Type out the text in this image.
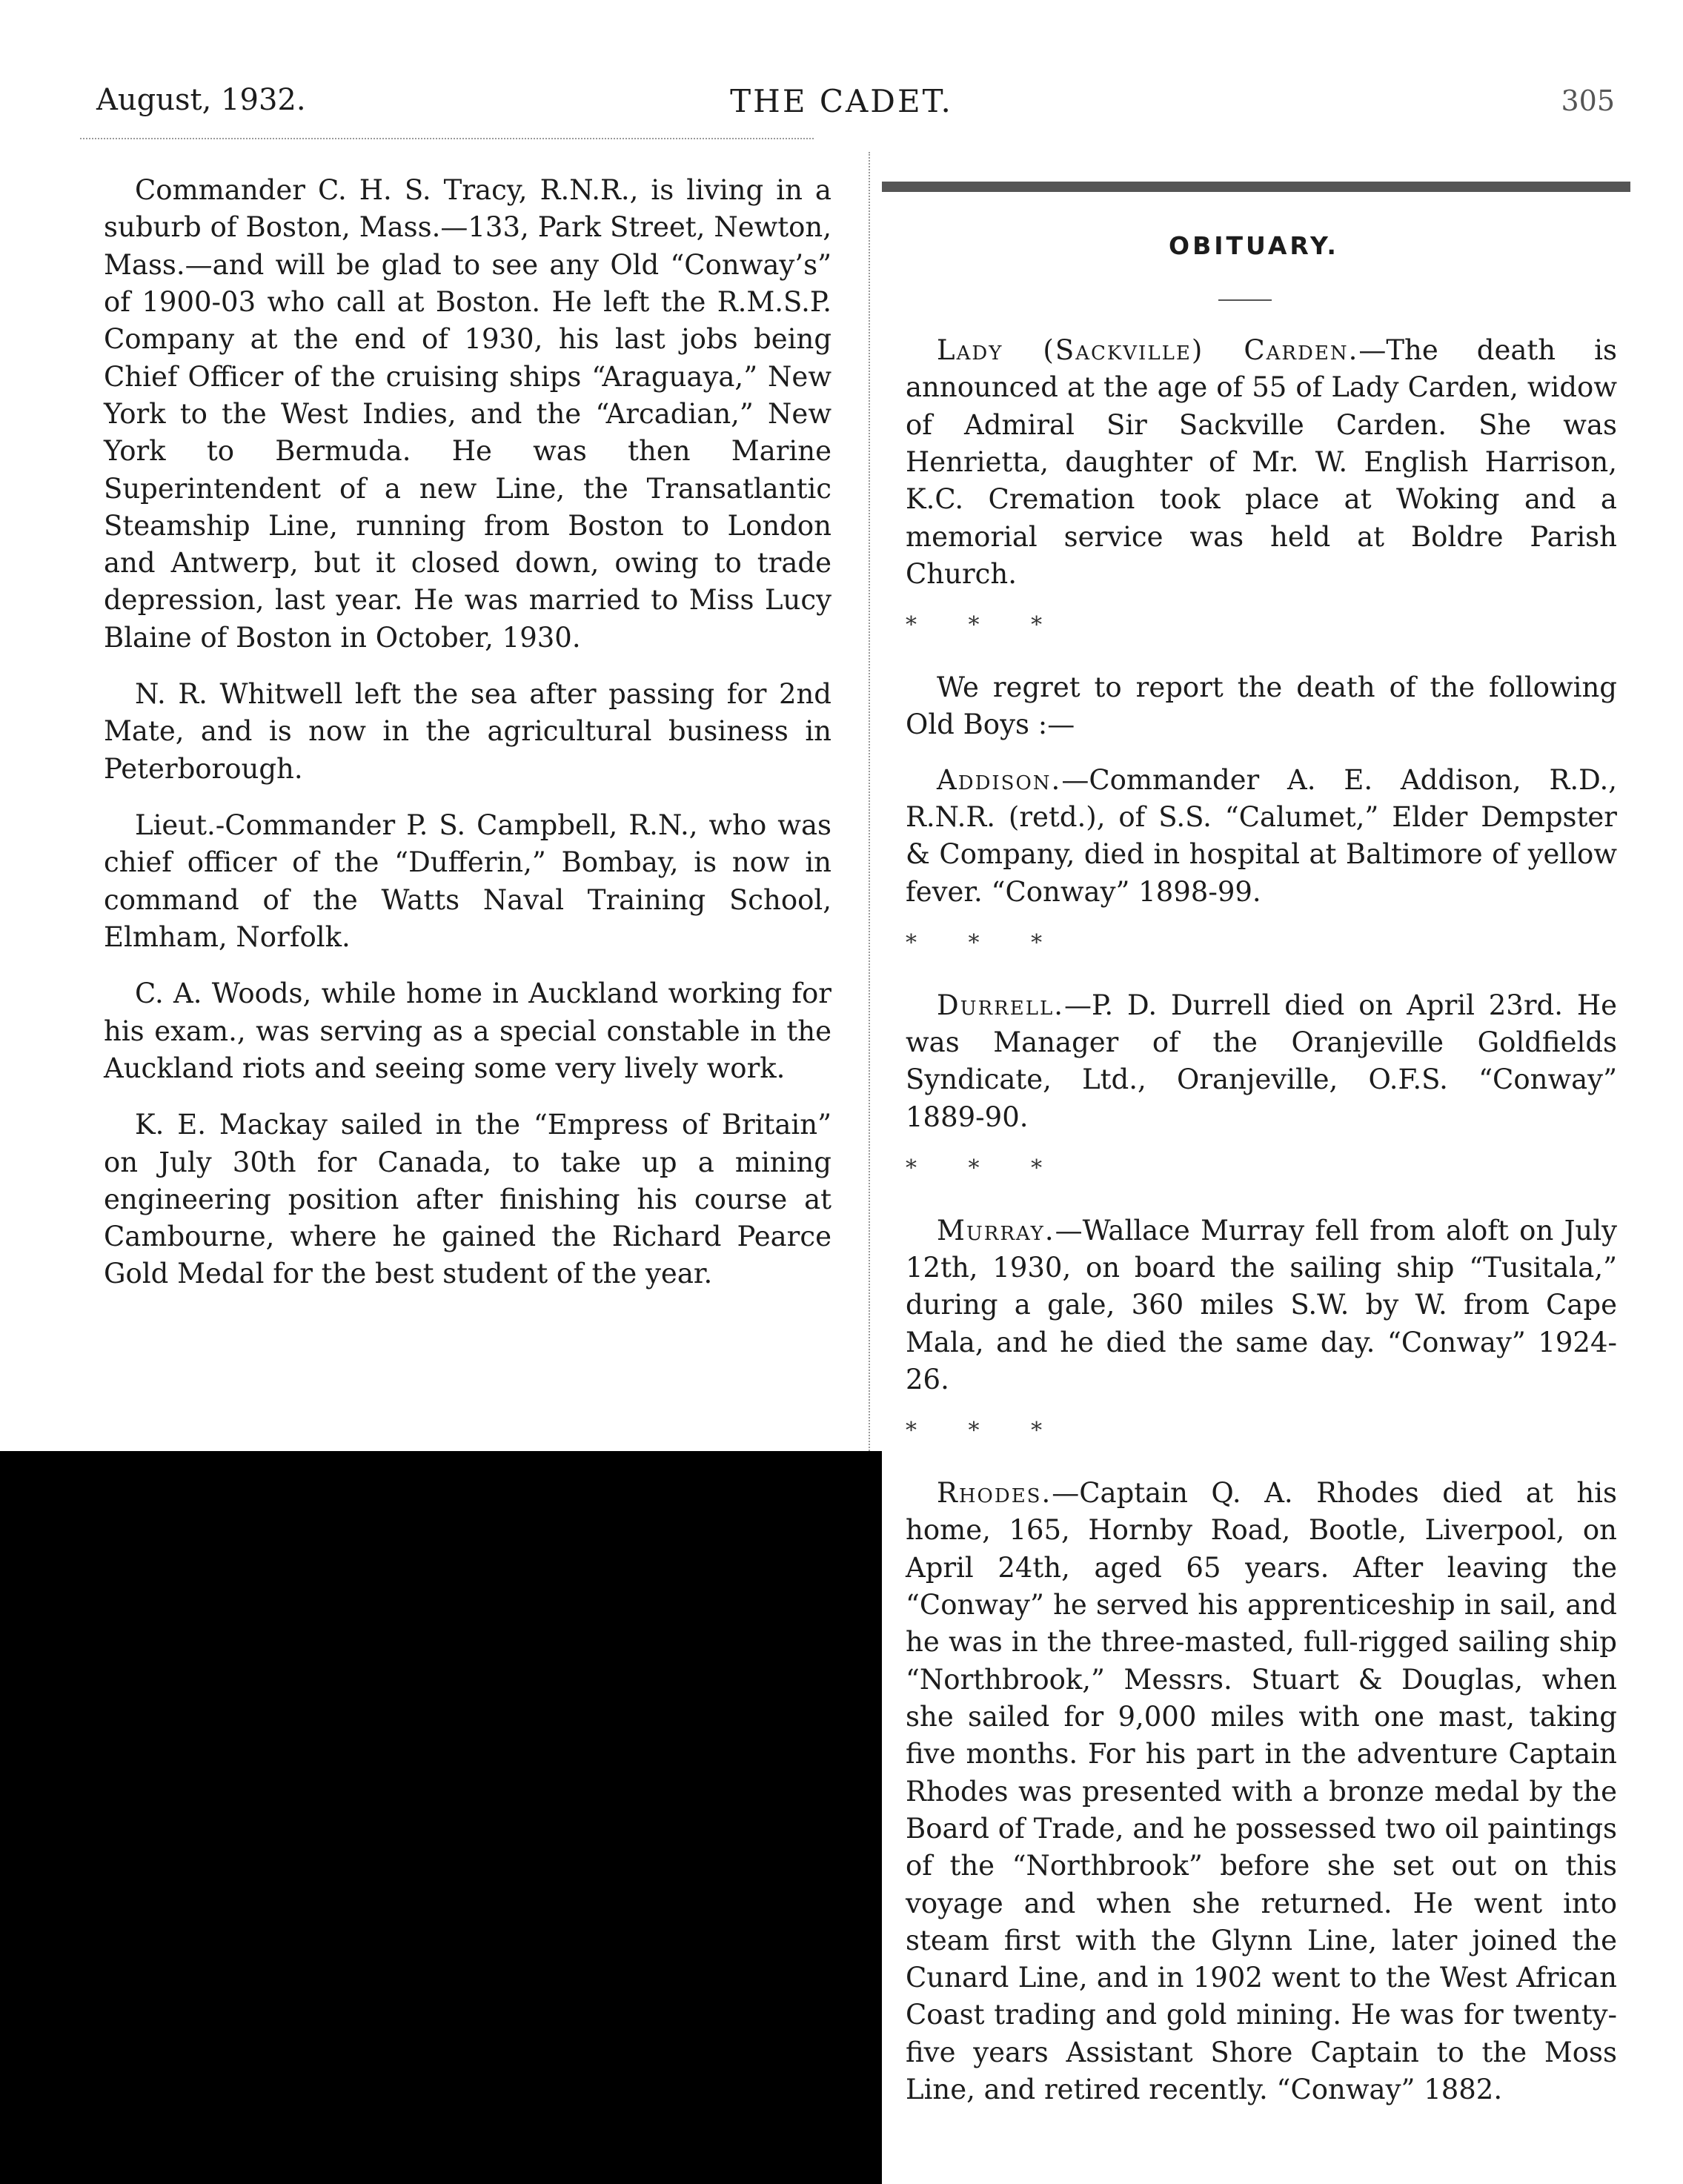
August, 1932.	THE CADET.	305

Commander C. H. S. Tracy, R.N.R., is living in a suburb of Boston, Mass.—133, Park Street, Newton, Mass.—and will be glad to see any Old “Conway’s” of 1900-03 who call at Boston. He left the R.M.S.P. Company at the end of 1930, his last jobs being Chief Officer of the cruising ships “Araguaya,” New York to the West Indies, and the “Arcadian,” New York to Bermuda. He was then Marine Superintendent of a new Line, the Transatlantic Steamship Line, running from Boston to London and Antwerp, but it closed down, owing to trade depression, last year. He was married to Miss Lucy Blaine of Boston in October, 1930.

N. R. Whitwell left the sea after passing for 2nd Mate, and is now in the agricultural business in Peterborough.

Lieut.-Commander P. S. Campbell, R.N., who was chief officer of the “Dufferin,” Bombay, is now in command of the Watts Naval Training School, Elmham, Norfolk.

C. A. Woods, while home in Auckland working for his exam., was serving as a special constable in the Auckland riots and seeing some very lively work.

K. E. Mackay sailed in the “Empress of Britain” on July 30th for Canada, to take up a mining engineering position after finishing his course at Cambourne, where he gained the Richard Pearce Gold Medal for the best student of the year.

OBITUARY.

Lady (Sackville) Carden.—The death is announced at the age of 55 of Lady Carden, widow of Admiral Sir Sackville Carden. She was Henrietta, daughter of Mr. W. English Harrison, K.C. Cremation took place at Woking and a memorial service was held at Boldre Parish Church.

* * *

We regret to report the death of the following Old Boys :—

Addison.—Commander A. E. Addison, R.D., R.N.R. (retd.), of S.S. “Calumet,” Elder Dempster & Company, died in hospital at Baltimore of yellow fever. “Conway” 1898-99.

* * *

Durrell.—P. D. Durrell died on April 23rd. He was Manager of the Oranjeville Goldfields Syndicate, Ltd., Oranjeville, O.F.S. “Conway” 1889-90.

* * *

Murray.—Wallace Murray fell from aloft on July 12th, 1930, on board the sailing ship “Tusitala,” during a gale, 360 miles S.W. by W. from Cape Mala, and he died the same day. “Conway” 1924-26.

* * *

Rhodes.—Captain Q. A. Rhodes died at his home, 165, Hornby Road, Bootle, Liverpool, on April 24th, aged 65 years. After leaving the “Conway” he served his apprenticeship in sail, and he was in the three-masted, full-rigged sailing ship “Northbrook,” Messrs. Stuart & Douglas, when she sailed for 9,000 miles with one mast, taking five months. For his part in the adventure Captain Rhodes was presented with a bronze medal by the Board of Trade, and he possessed two oil paintings of the “Northbrook” before she set out on this voyage and when she returned. He went into steam first with the Glynn Line, later joined the Cunard Line, and in 1902 went to the West African Coast trading and gold mining. He was for twenty-five years Assistant Shore Captain to the Moss Line, and retired recently. “Conway” 1882.
